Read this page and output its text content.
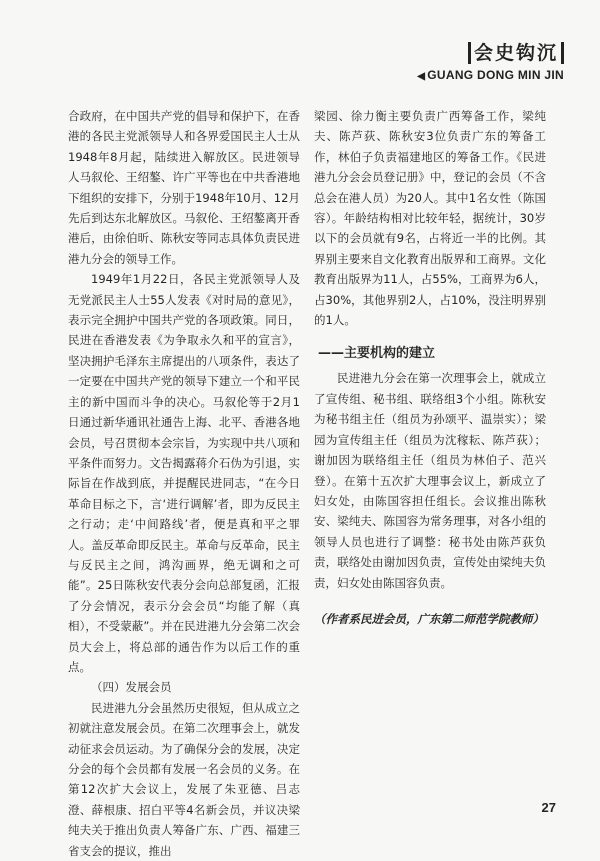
会史钩沉
◀ GUANG DONG MIN JIN

合政府，在中国共产党的倡导和保护下，在香港的各民主党派领导人和各界爱国民主人士从1948年8月起，陆续进入解放区。民进领导人马叙伦、王绍鏊、许广平等也在中共香港地下组织的安排下，分别于1948年10月、12月先后到达东北解放区。马叙伦、王绍鏊离开香港后，由徐伯昕、陈秋安等同志具体负责民进港九分会的领导工作。

1949年1月22日，各民主党派领导人及无党派民主人士55人发表《对时局的意见》，表示完全拥护中国共产党的各项政策。同日，民进在香港发表《为争取永久和平的宣言》，坚决拥护毛泽东主席提出的八项条件，表达了一定要在中国共产党的领导下建立一个和平民主的新中国而斗争的决心。马叙伦等于2月1日通过新华通讯社通告上海、北平、香港各地会员，号召贯彻本会宗旨，为实现中共八项和平条件而努力。文告揭露蒋介石伪为引退，实际旨在作战到底，并提醒民进同志，“在今日革命目标之下，言‘进行调解’者，即为反民主之行动；走‘中间路线’者，便是真和平之罪人。盖反革命即反民主。革命与反革命，民主与反民主之间，鸿沟画界，绝无调和之可能”。25日陈秋安代表分会向总部复函，汇报了分会情况，表示分会会员“均能了解（真相），不受蒙蔽”。并在民进港九分会第二次会员大会上，将总部的通告作为以后工作的重点。

（四）发展会员

民进港九分会虽然历史很短，但从成立之初就注意发展会员。在第二次理事会上，就发动征求会员运动。为了确保分会的发展，决定分会的每个会员都有发展一名会员的义务。在第12次扩大会议上，发展了朱亚德、吕志澄、薛根康、招白平等4名新会员，并议决梁纯夫关于推出负责人筹备广东、广西、福建三省支会的提议，推出

梁园、徐力衡主要负责广西筹备工作，梁纯夫、陈芦荻、陈秋安3位负责广东的筹备工作，林伯子负责福建地区的筹备工作。《民进港九分会会员登记册》中，登记的会员（不含总会在港人员）为20人。其中1名女性（陈国容）。年龄结构相对比较年轻，据统计，30岁以下的会员就有9名，占将近一半的比例。其界别主要来自文化教育出版界和工商界。文化教育出版界为11人，占55%，工商界为6人，占30%，其他界别2人，占10%，没注明界别的1人。

——主要机构的建立

民进港九分会在第一次理事会上，就成立了宣传组、秘书组、联络组3个小组。陈秋安为秘书组主任（组员为孙颂平、温崇实）；梁园为宣传组主任（组员为沈稼耘、陈芦荻）；谢加因为联络组主任（组员为林伯子、范兴登）。在第十五次扩大理事会议上，新成立了妇女处，由陈国容担任组长。会议推出陈秋安、梁纯夫、陈国容为常务理事，对各小组的领导人员也进行了调整：秘书处由陈芦荻负责，联络处由谢加因负责，宣传处由梁纯夫负责，妇女处由陈国容负责。

（作者系民进会员，广东第二师范学院教师）
27
